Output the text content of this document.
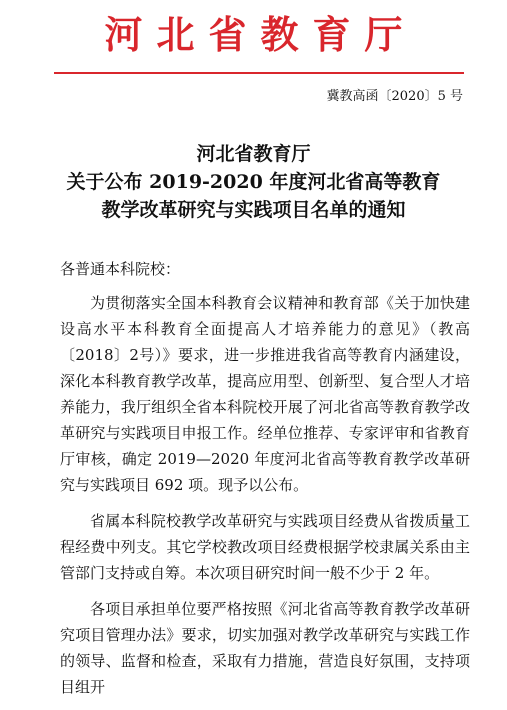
河北省教育厅
冀教高函〔2020〕5 号
河北省教育厅
关于公布 2019-2020 年度河北省高等教育
教学改革研究与实践项目名单的通知
各普通本科院校：

为贯彻落实全国本科教育会议精神和教育部《关于加快建设高水平本科教育全面提高人才培养能力的意见》（教高〔2018〕2号）》要求，进一步推进我省高等教育内涵建设，深化本科教育教学改革，提高应用型、创新型、复合型人才培养能力，我厅组织全省本科院校开展了河北省高等教育教学改革研究与实践项目申报工作。经单位推荐、专家评审和省教育厅审核，确定 2019—2020 年度河北省高等教育教学改革研究与实践项目 692 项。现予以公布。

省属本科院校教学改革研究与实践项目经费从省拨质量工程经费中列支。其它学校教改项目经费根据学校隶属关系由主管部门支持或自筹。本次项目研究时间一般不少于 2 年。

各项目承担单位要严格按照《河北省高等教育教学改革研究项目管理办法》要求，切实加强对教学改革研究与实践工作的领导、监督和检查，采取有力措施，营造良好氛围，支持项目组开
